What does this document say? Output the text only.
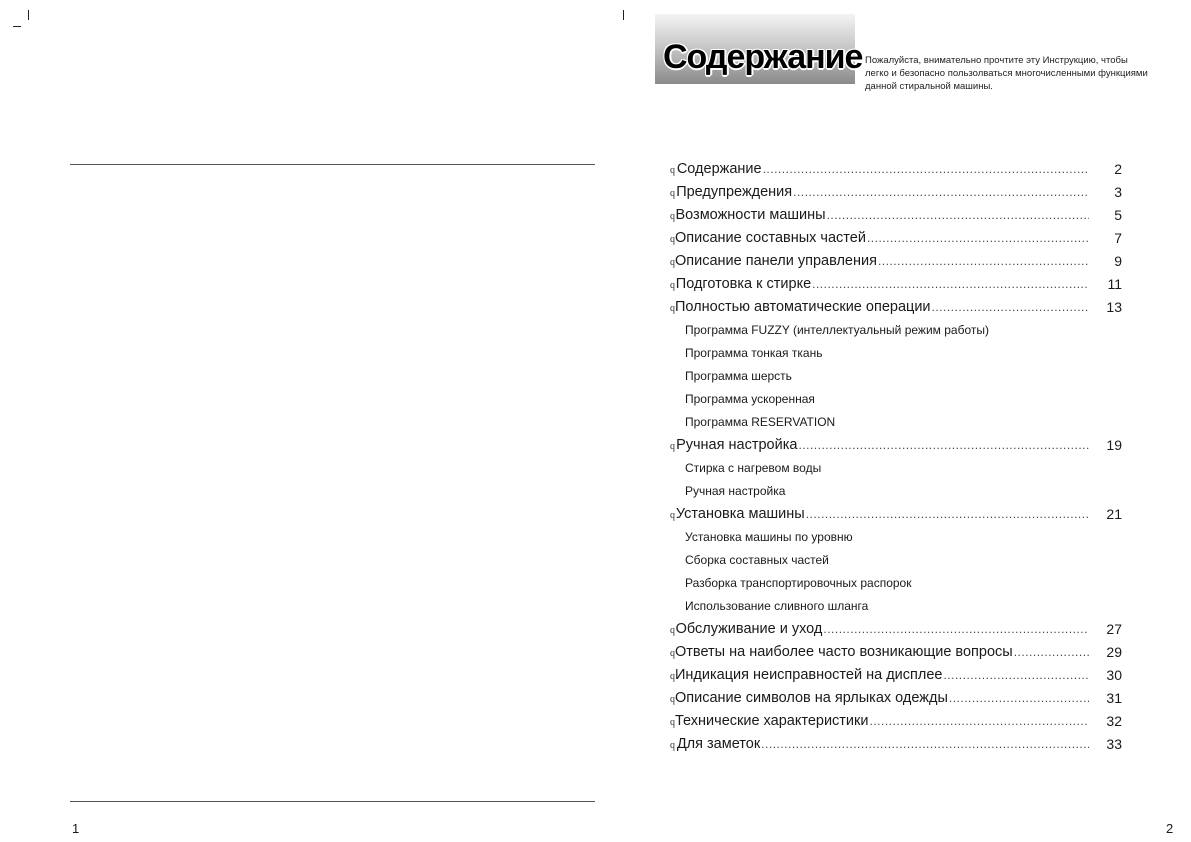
1
Содержание Пожалуйста, внимательно прочтите эту Инструкцию, чтобы
легко и безопасно пользолваться многочисленными функциями
данной стиральной машины.
q Содержание .....	2
q Предупреждения .....	3
q Возможности машины .....	5
q Описание составных частей .....	7
q Описание панели управления .....	9
q Подготовка к стирке .....	11
q Полностью автоматические операции .....	13
Программа FUZZY (интеллектуальный режим работы)
Программа тонкая ткань
Программа шерсть
Программа ускоренная
Программа RESERVATION
q Ручная настройка .....	19
Стирка с нагревом воды
Ручная настройка
q Установка машины .....	21
Установка машины по уровню
Сборка составных частей
Разборка транспортировочных распорок
Использование сливного шланга
q Обслуживание и уход .....	27
q Ответы на наиболее часто возникающие вопросы .....	29
q Индикация неисправностей на дисплее .....	30
q Описание символов на ярлыках одежды .....	31
q Технические характеристики .....	32
q Для заметок .....	33
2
